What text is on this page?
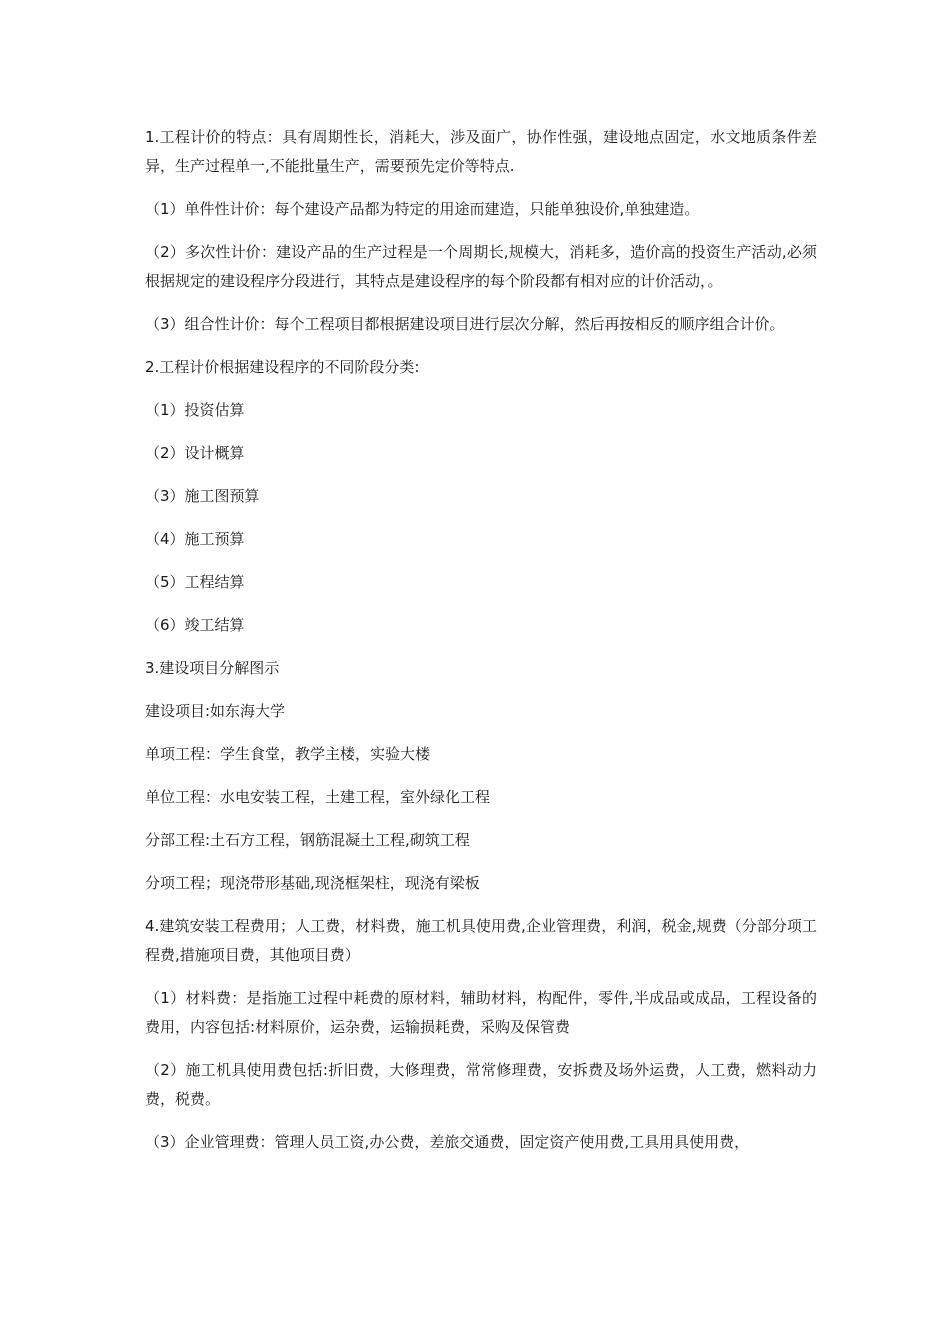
1.工程计价的特点：具有周期性长，消耗大，涉及面广，协作性强，建设地点固定，水文地质条件差异，生产过程单一,不能批量生产，需要预先定价等特点.

（1）单件性计价：每个建设产品都为特定的用途而建造，只能单独设价,单独建造。

（2）多次性计价：建设产品的生产过程是一个周期长,规模大，消耗多，造价高的投资生产活动,必须根据规定的建设程序分段进行，其特点是建设程序的每个阶段都有相对应的计价活动，。

（3）组合性计价：每个工程项目都根据建设项目进行层次分解，然后再按相反的顺序组合计价。

2.工程计价根据建设程序的不同阶段分类:

（1）投资估算

（2）设计概算

（3）施工图预算

（4）施工预算

（5）工程结算

（6）竣工结算

3.建设项目分解图示

建设项目:如东海大学

单项工程：学生食堂，教学主楼，实验大楼

单位工程：水电安装工程，土建工程，室外绿化工程

分部工程:土石方工程，钢筋混凝土工程,砌筑工程

分项工程；现浇带形基础,现浇框架柱，现浇有梁板

4.建筑安装工程费用；人工费，材料费，施工机具使用费,企业管理费，利润，税金,规费（分部分项工程费,措施项目费，其他项目费）

（1）材料费：是指施工过程中耗费的原材料，辅助材料，构配件，零件,半成品或成品，工程设备的费用，内容包括:材料原价，运杂费，运输损耗费，采购及保管费

（2）施工机具使用费包括:折旧费，大修理费，常常修理费，安拆费及场外运费，人工费，燃料动力费，税费。

（3）企业管理费：管理人员工资,办公费，差旅交通费，固定资产使用费,工具用具使用费，
